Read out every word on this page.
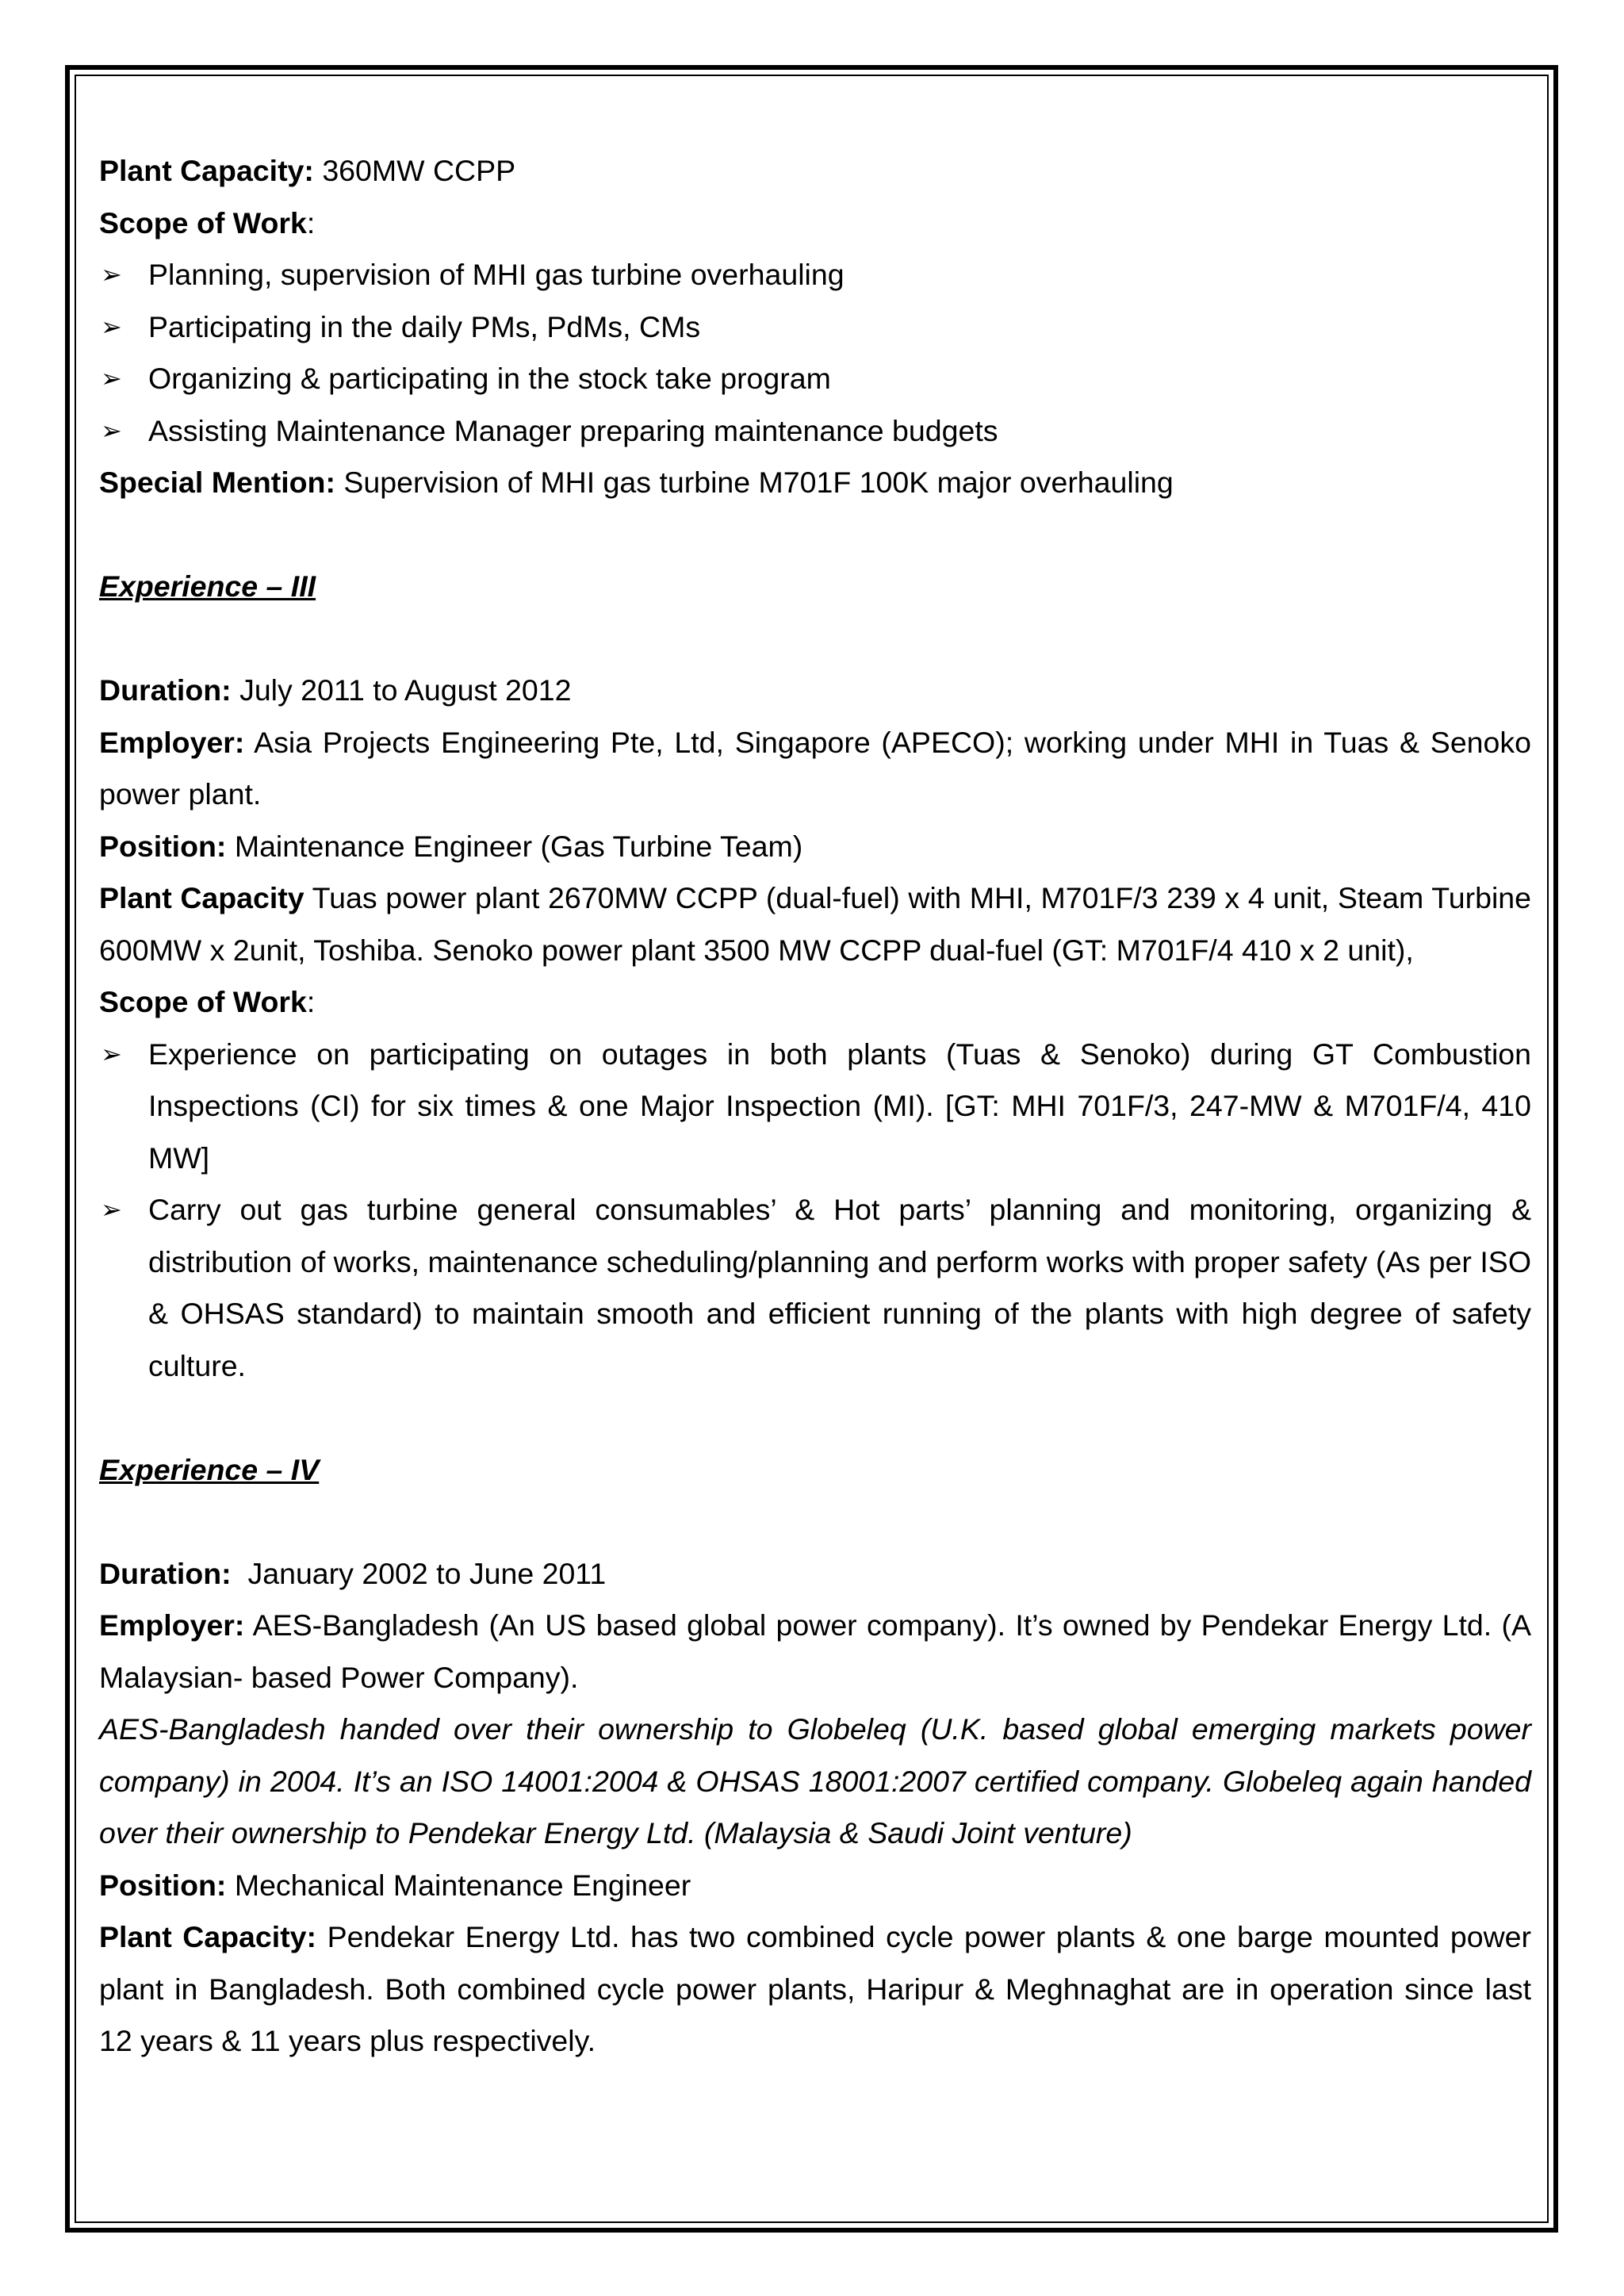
Plant Capacity: 360MW CCPP
Scope of Work:
➢ Planning, supervision of MHI gas turbine overhauling
➢ Participating in the daily PMs, PdMs, CMs
➢ Organizing & participating in the stock take program
➢ Assisting Maintenance Manager preparing maintenance budgets
Special Mention: Supervision of MHI gas turbine M701F 100K major overhauling
Experience – III
Duration: July 2011 to August 2012
Employer: Asia Projects Engineering Pte, Ltd, Singapore (APECO); working under MHI in Tuas & Senoko power plant.
Position: Maintenance Engineer (Gas Turbine Team)
Plant Capacity Tuas power plant 2670MW CCPP (dual-fuel) with MHI, M701F/3 239 x 4 unit, Steam Turbine 600MW x 2unit, Toshiba. Senoko power plant 3500 MW CCPP dual-fuel (GT: M701F/4 410 x 2 unit),
Scope of Work:
➢ Experience on participating on outages in both plants (Tuas & Senoko) during GT Combustion Inspections (CI) for six times & one Major Inspection (MI). [GT: MHI 701F/3, 247-MW & M701F/4, 410 MW]
➢ Carry out gas turbine general consumables’ & Hot parts’ planning and monitoring, organizing & distribution of works, maintenance scheduling/planning and perform works with proper safety (As per ISO & OHSAS standard) to maintain smooth and efficient running of the plants with high degree of safety culture.
Experience – IV
Duration:  January 2002 to June 2011
Employer: AES-Bangladesh (An US based global power company). It’s owned by Pendekar Energy Ltd. (A Malaysian- based Power Company).
AES-Bangladesh handed over their ownership to Globeleq (U.K. based global emerging markets power company) in 2004. It’s an ISO 14001:2004 & OHSAS 18001:2007 certified company. Globeleq again handed over their ownership to Pendekar Energy Ltd. (Malaysia & Saudi Joint venture)
Position: Mechanical Maintenance Engineer
Plant Capacity: Pendekar Energy Ltd. has two combined cycle power plants & one barge mounted power plant in Bangladesh. Both combined cycle power plants, Haripur & Meghnaghat are in operation since last 12 years & 11 years plus respectively.
